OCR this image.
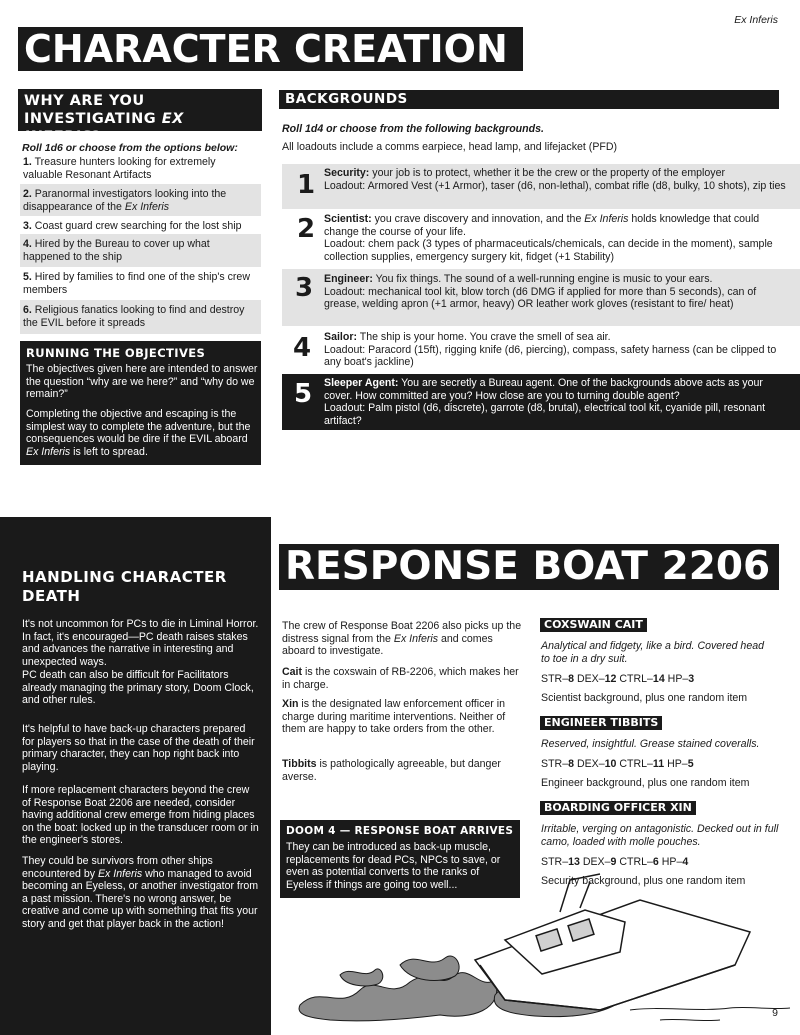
Ex Inferis
CHARACTER CREATION
WHY ARE YOU
INVESTIGATING EX INFERIS?
Roll 1d6 or choose from the options below:
1. Treasure hunters looking for extremely valuable Resonant Artifacts
2. Paranormal investigators looking into the disappearance of the Ex Inferis
3. Coast guard crew searching for the lost ship
4. Hired by the Bureau to cover up what happened to the ship
5. Hired by families to find one of the ship's crew members
6. Religious fanatics looking to find and destroy the EVIL before it spreads
RUNNING THE OBJECTIVES
The objectives given here are intended to answer the question “why are we here?” and “why do we remain?”
Completing the objective and escaping is the simplest way to complete the adventure, but the consequences would be dire if the EVIL aboard Ex Inferis is left to spread.
BACKGROUNDS
Roll 1d4 or choose from the following backgrounds.
All loadouts include a comms earpiece, head lamp, and lifejacket (PFD)
1 Security: your job is to protect, whether it be the crew or the property of the employer

Loadout: Armored Vest (+1 Armor), taser (d6, non-lethal), combat rifle (d8, bulky, 10 shots), zip ties

2 Scientist: you crave discovery and innovation, and the Ex Inferis holds knowledge that could change the course of your life.

Loadout: chem pack (3 types of pharmaceuticals/chemicals, can decide in the moment), sample collection supplies, emergency surgery kit, fidget (+1 Stability)

3 Engineer: You fix things. The sound of a well-running engine is music to your ears.

Loadout: mechanical tool kit, blow torch (d6 DMG if applied for more than 5 seconds), can of grease, welding apron (+1 armor, heavy) OR leather work gloves (resistant to fire/ heat)

4 Sailor: The ship is your home. You crave the smell of sea air.

Loadout: Paracord (15ft), rigging knife (d6, piercing), compass, safety harness (can be clipped to any boat's jackline)

5 Sleeper Agent: You are secretly a Bureau agent. One of the backgrounds above acts as your cover. How committed are you? How close are you to turning double agent?

Loadout: Palm pistol (d6, discrete), garrote (d8, brutal), electrical tool kit, cyanide pill, resonant artifact?

HANDLING CHARACTER
DEATH
It's not uncommon for PCs to die in Liminal Horror. In fact, it's encouraged—PC death raises stakes and advances the narrative in interesting and unexpected ways.
PC death can also be difficult for Facilitators already managing the primary story, Doom Clock, and other rules.
It's helpful to have back-up characters prepared for players so that in the case of the death of their primary character, they can hop right back into playing.
If more replacement characters beyond the crew of Response Boat 2206 are needed, consider having additional crew emerge from hiding places on the boat: locked up in the transducer room or in the engineer's stores.
They could be survivors from other ships encountered by Ex Inferis who managed to avoid becoming an Eyeless, or another investigator from a past mission. There's no wrong answer, be creative and come up with something that fits your story and get that player back in the action!
RESPONSE BOAT 2206
The crew of Response Boat 2206 also picks up the distress signal from the Ex Inferis and comes aboard to investigate.
Cait is the coxswain of RB-2206, which makes her in charge.
Xin is the designated law enforcement officer in charge during maritime interventions. Neither of them are happy to take orders from the other.
Tibbits is pathologically agreeable, but danger averse.
COXSWAIN CAIT
Analytical and fidgety, like a bird. Covered head to toe in a dry suit.
STR–8 DEX–12 CTRL–14 HP–3
Scientist background, plus one random item
ENGINEER TIBBITS
Reserved, insightful. Grease stained coveralls.
STR–8 DEX–10 CTRL–11 HP–5
Engineer background, plus one random item
BOARDING OFFICER XIN
Irritable, verging on antagonistic. Decked out in full camo, loaded with molle pouches.
STR–13 DEX–9 CTRL–6 HP–4
Security background, plus one random item
DOOM 4 — RESPONSE BOAT ARRIVES
They can be introduced as back-up muscle, replacements for dead PCs, NPCs to save, or even as potential converts to the ranks of Eyeless if things are going too well...
9
